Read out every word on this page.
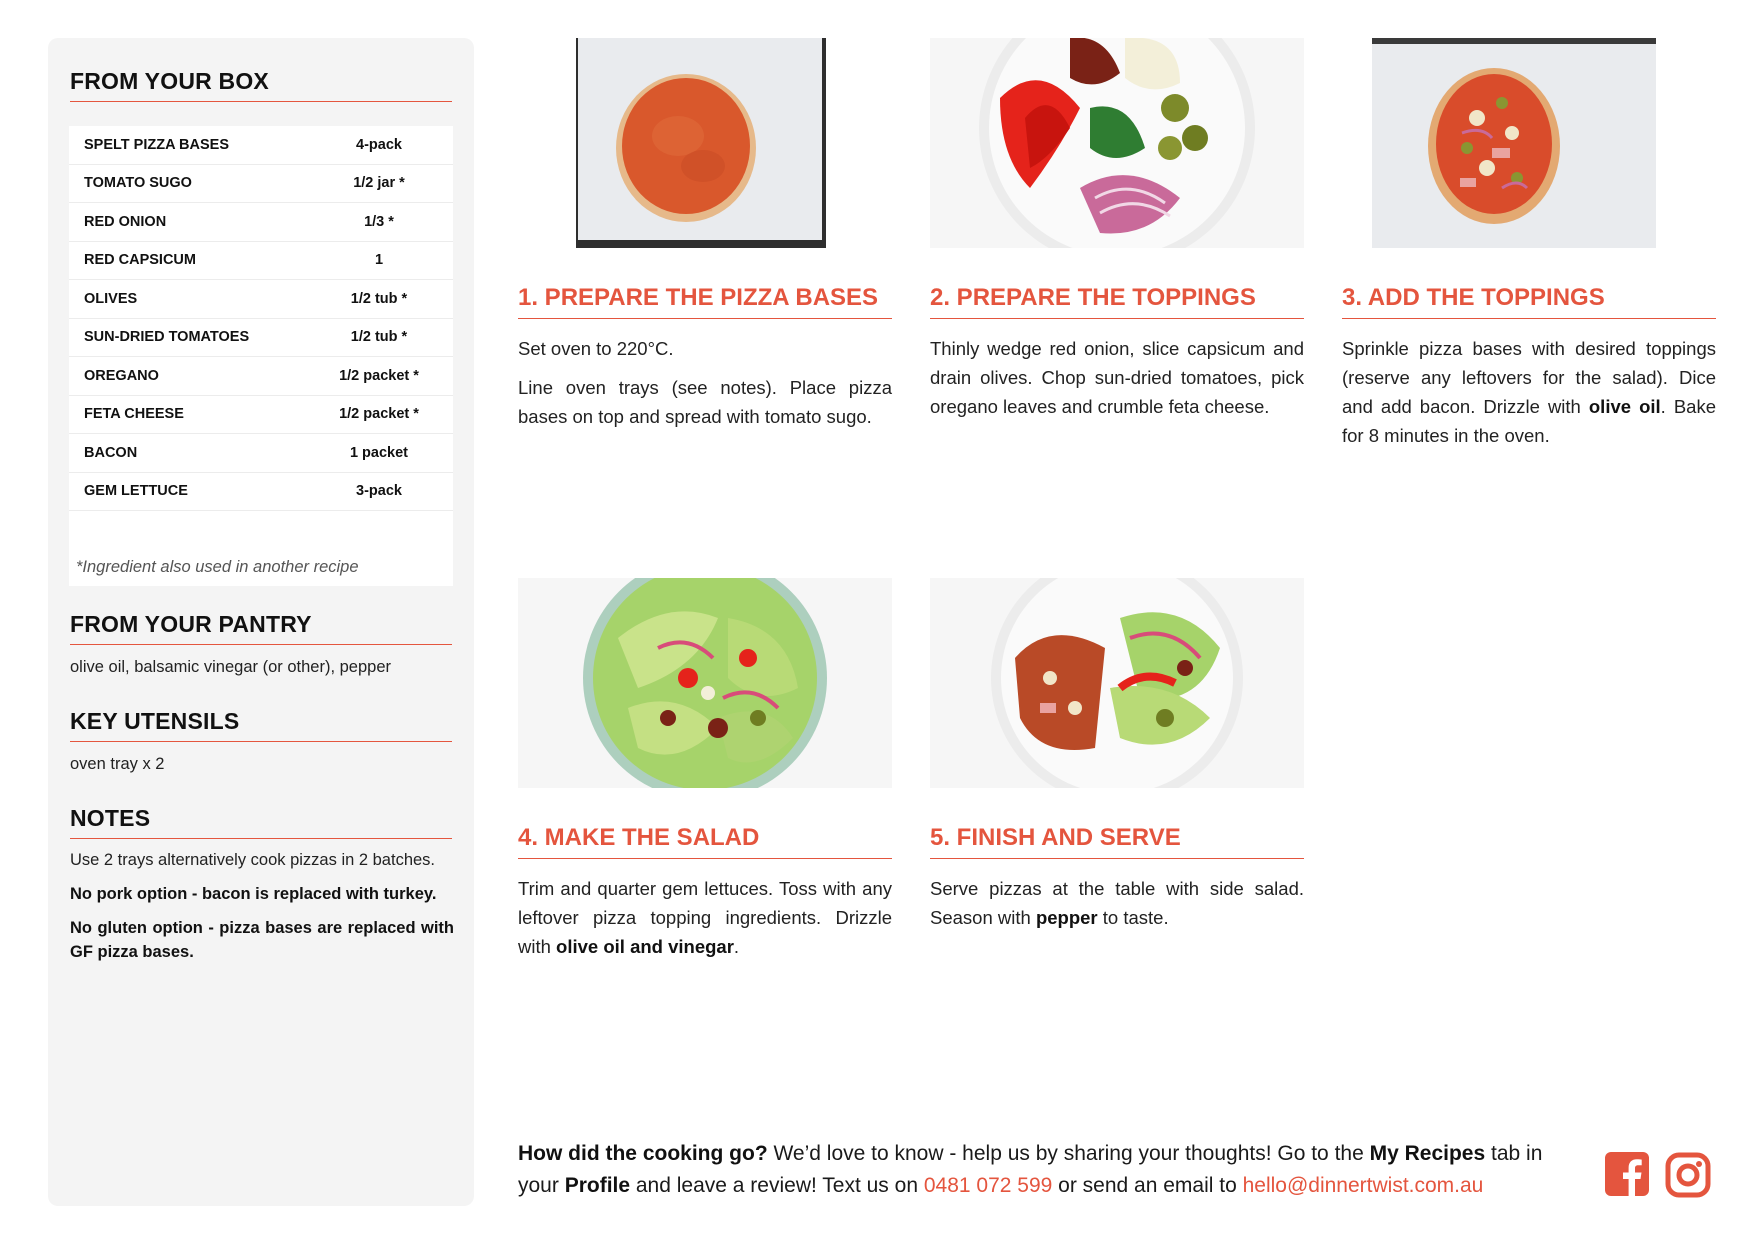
FROM YOUR BOX
SPELT PIZZA BASES	4-pack
TOMATO SUGO	1/2 jar *
RED ONION	1/3 *
RED CAPSICUM	1
OLIVES	1/2 tub *
SUN-DRIED TOMATOES	1/2 tub *
OREGANO	1/2 packet *
FETA CHEESE	1/2 packet *
BACON	1 packet
GEM LETTUCE	3-pack
*Ingredient also used in another recipe
FROM YOUR PANTRY
olive oil, balsamic vinegar (or other), pepper
KEY UTENSILS
oven tray x 2
NOTES

Use 2 trays alternatively cook pizzas in 2 batches.

No pork option - bacon is replaced with turkey.

No gluten option - pizza bases are replaced with GF pizza bases.

1. PREPARE THE PIZZA BASES

Set oven to 220°C.

Line oven trays (see notes). Place pizza bases on top and spread with tomato sugo.

2. PREPARE THE TOPPINGS

Thinly wedge red onion, slice capsicum and drain olives. Chop sun-dried tomatoes, pick oregano leaves and crumble feta cheese.

3. ADD THE TOPPINGS

Sprinkle pizza bases with desired toppings (reserve any leftovers for the salad). Dice and add bacon. Drizzle with olive oil. Bake for 8 minutes in the oven.

4. MAKE THE SALAD

Trim and quarter gem lettuces. Toss with any leftover pizza topping ingredients. Drizzle with olive oil and vinegar.

5. FINISH AND SERVE

Serve pizzas at the table with side salad. Season with pepper to taste.

How did the cooking go? We’d love to know - help us by sharing your thoughts! Go to the My Recipes tab in your Profile and leave a review! Text us on 0481 072 599 or send an email to hello@dinnertwist.com.au
